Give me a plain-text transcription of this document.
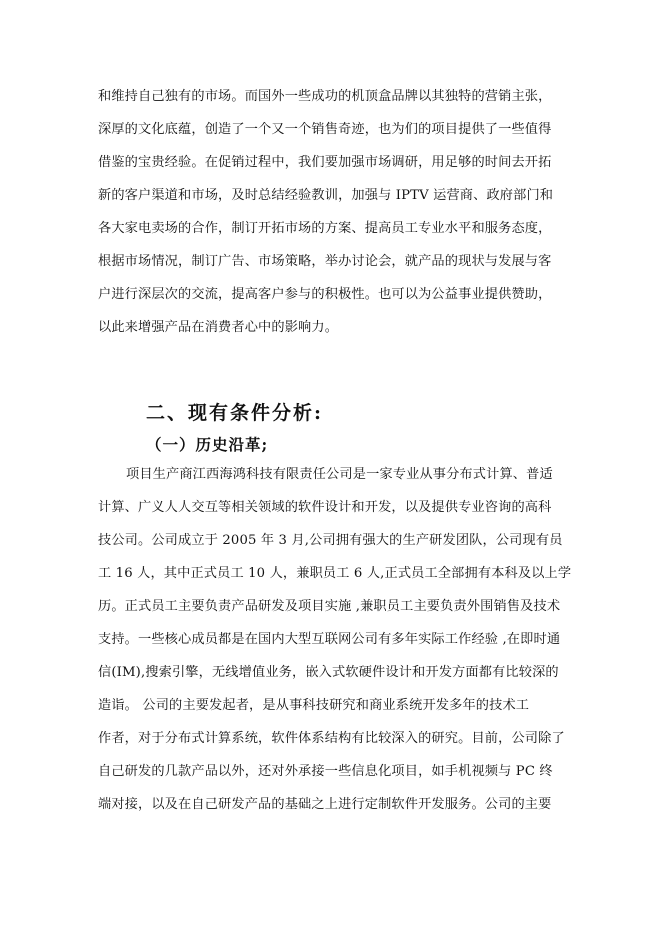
和维持自己独有的市场。而国外一些成功的机顶盒品牌以其独特的营销主张，
深厚的文化底蕴，创造了一个又一个销售奇迹，也为们的项目提供了一些值得
借鉴的宝贵经验。在促销过程中，我们要加强市场调研，用足够的时间去开拓
新的客户渠道和市场，及时总结经验教训，加强与 IPTV 运营商、政府部门和
各大家电卖场的合作，制订开拓市场的方案、提高员工专业水平和服务态度，
根据市场情况，制订广告、市场策略，举办讨论会，就产品的现状与发展与客
户进行深层次的交流，提高客户参与的积极性。也可以为公益事业提供赞助，
以此来增强产品在消费者心中的影响力。
二、现有条件分析:
（一）历史沿革;
项目生产商江西海鸿科技有限责任公司是一家专业从事分布式计算、普适
计算、广义人人交互等相关领域的软件设计和开发，以及提供专业咨询的高科
技公司。公司成立于 2005 年 3 月,公司拥有强大的生产研发团队，公司现有员
工 16 人，其中正式员工 10 人，兼职员工 6 人,正式员工全部拥有本科及以上学
历。正式员工主要负责产品研发及项目实施 ,兼职员工主要负责外围销售及技术
支持。一些核心成员都是在国内大型互联网公司有多年实际工作经验 ,在即时通
信(IM),搜索引擎，无线增值业务，嵌入式软硬件设计和开发方面都有比较深的
造诣。 公司的主要发起者，是从事科技研究和商业系统开发多年的技术工
作者，对于分布式计算系统，软件体系结构有比较深入的研究。目前，公司除了
自己研发的几款产品以外，还对外承接一些信息化项目，如手机视频与 PC 终
端对接，以及在自己研发产品的基础之上进行定制软件开发服务。公司的主要
